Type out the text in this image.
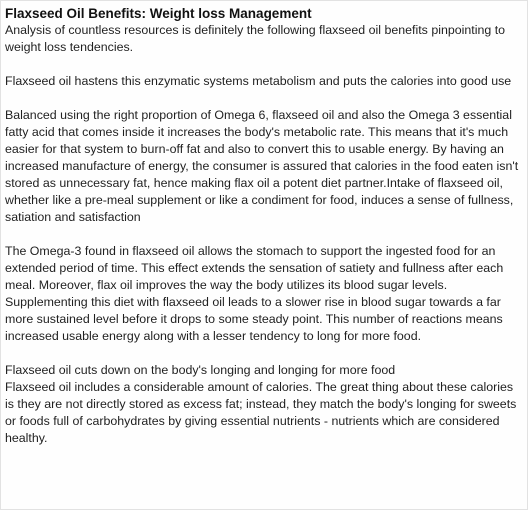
Flaxseed Oil Benefits: Weight loss Management

Analysis of countless resources is definitely the following flaxseed oil benefits pinpointing to weight loss tendencies.

Flaxseed oil hastens this enzymatic systems metabolism and puts the calories into good use

Balanced using the right proportion of Omega 6, flaxseed oil and also the Omega 3 essential fatty acid that comes inside it increases the body's metabolic rate. This means that it's much easier for that system to burn-off fat and also to convert this to usable energy. By having an increased manufacture of energy, the consumer is assured that calories in the food eaten isn't stored as unnecessary fat, hence making flax oil a potent diet partner.Intake of flaxseed oil, whether like a pre-meal supplement or like a condiment for food, induces a sense of fullness, satiation and satisfaction

The Omega-3 found in flaxseed oil allows the stomach to support the ingested food for an extended period of time. This effect extends the sensation of satiety and fullness after each meal. Moreover, flax oil improves the way the body utilizes its blood sugar levels. Supplementing this diet with flaxseed oil leads to a slower rise in blood sugar towards a far more sustained level before it drops to some steady point. This number of reactions means increased usable energy along with a lesser tendency to long for more food.

Flaxseed oil cuts down on the body's longing and longing for more food

Flaxseed oil includes a considerable amount of calories. The great thing about these calories is they are not directly stored as excess fat; instead, they match the body's longing for sweets or foods full of carbohydrates by giving essential nutrients - nutrients which are considered healthy.
